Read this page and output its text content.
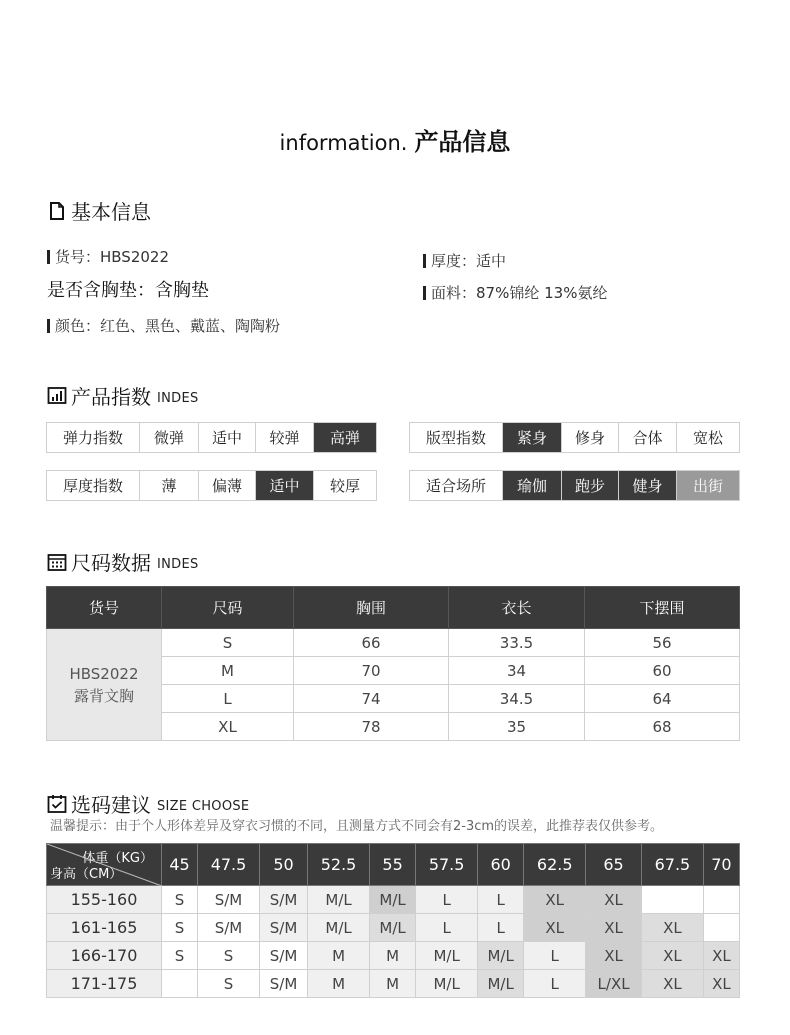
information. 产品信息
基本信息
货号：HBS2022
是否含胸垫：含胸垫
颜色：红色、黑色、戴蓝、陶陶粉
厚度：适中
面料：87%锦纶 13%氨纶
产品指数 INDES
弹力指数	微弹	适中	较弹	高弹	版型指数	紧身	修身	合体	宽松
厚度指数	薄	偏薄	适中	较厚	适合场所	瑜伽	跑步	健身	出街
尺码数据 INDES
货号	尺码	胸围	衣长	下摆围

HBS2022
露背文胸	S	66	33.5	56
	M	70	34	60
	L	74	34.5	64
	XL	78	35	68
选码建议 SIZE CHOOSE
温馨提示：由于个人形体差异及穿衣习惯的不同，且测量方式不同会有2-3cm的误差，此推荐表仅供参考。
体重（KG）
身高（CM）	45	47.5	50	52.5	55	57.5	60	62.5	65	67.5	70
155-160	S	S/M	S/M	M/L	M/L	L	L	XL	XL		
161-165	S	S/M	S/M	M/L	M/L	L	L	XL	XL	XL	
166-170	S	S	S/M	M	M	M/L	M/L	L	XL	XL	XL
171-175		S	S/M	M	M	M/L	M/L	L	L/XL	XL	XL
